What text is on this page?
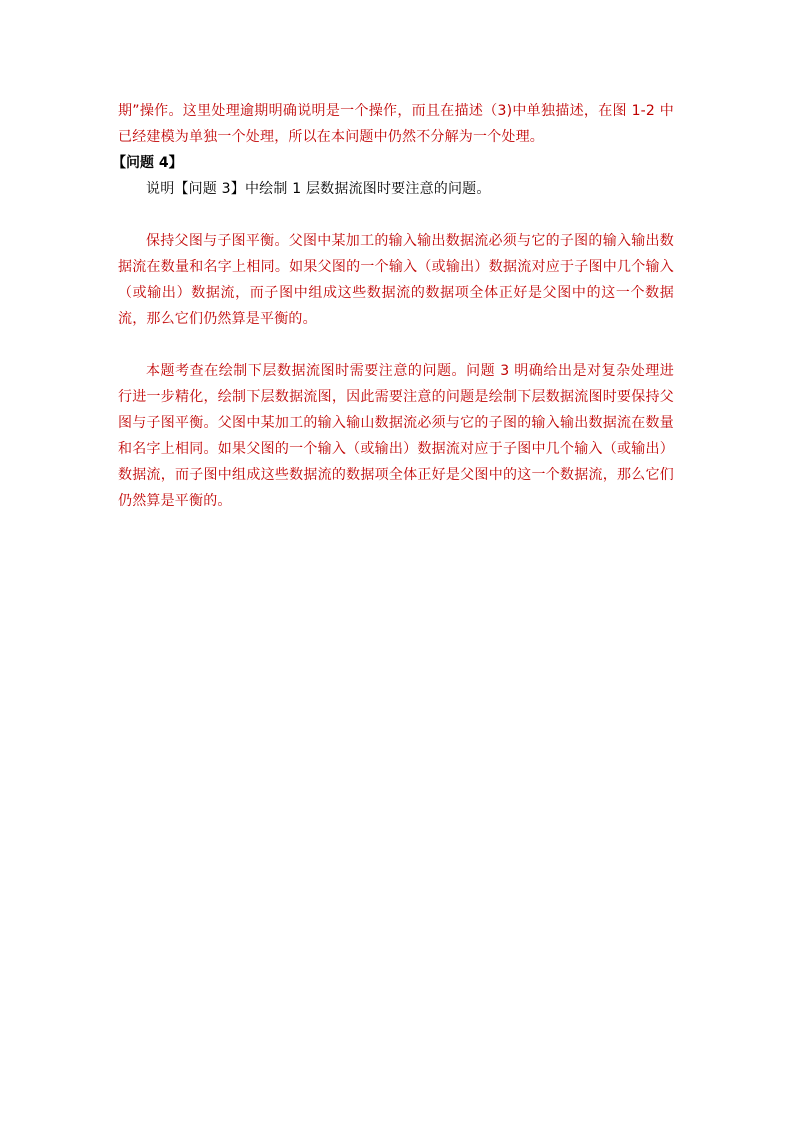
期”操作。这里处理逾期明确说明是一个操作，而且在描述（3)中单独描述，在图 1-2 中已经建模为单独一个处理，所以在本问题中仍然不分解为一个处理。

【问题 4】

说明【问题 3】中绘制 1 层数据流图时要注意的问题。

保持父图与子图平衡。父图中某加工的输入输出数据流必须与它的子图的输入输出数据流在数量和名字上相同。如果父图的一个输入（或输出）数据流对应于子图中几个输入（或输出）数据流，而子图中组成这些数据流的数据项全体正好是父图中的这一个数据流，那么它们仍然算是平衡的。

本题考查在绘制下层数据流图时需要注意的问题。问题 3 明确给出是对复杂处理进行进一步精化，绘制下层数据流图，因此需要注意的问题是绘制下层数据流图时要保持父图与子图平衡。父图中某加工的输入输山数据流必须与它的子图的输入输出数据流在数量和名字上相同。如果父图的一个输入（或输出）数据流对应于子图中几个输入（或输出）数据流，而子图中组成这些数据流的数据项全体正好是父图中的这一个数据流，那么它们仍然算是平衡的。
